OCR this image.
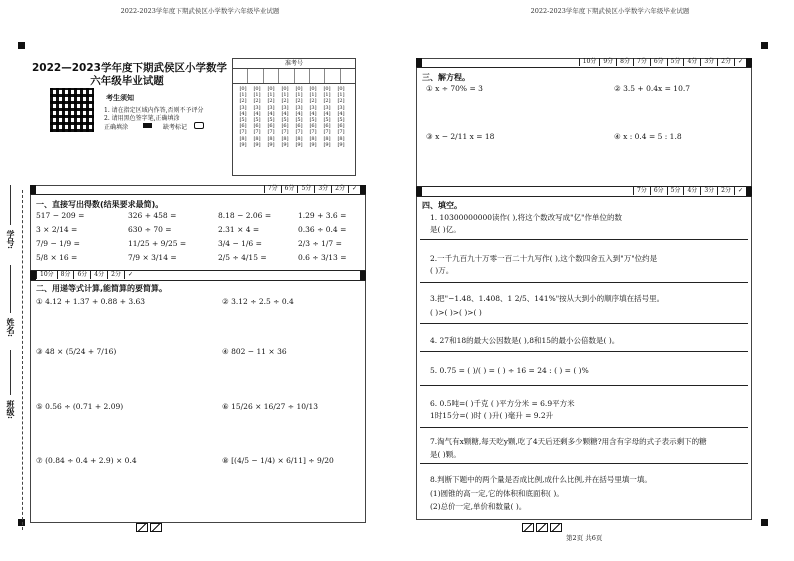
2022-2023学年度下期武侯区小学数学六年级毕业试题	2022-2023学年度下期武侯区小学数学六年级毕业试题
2022—2023学年度下期武侯区小学数学
六年级毕业试题
考生须知
1. 请在指定区域内作答,否则不予评分
2. 请用黑色签字笔,正确填涂
正确填涂	缺考标记
准考号
[0]	[0]	[0]	[0]	[0]	[0]	[0]	[0]
[1]	[1]	[1]	[1]	[1]	[1]	[1]	[1]
[2]	[2]	[2]	[2]	[2]	[2]	[2]	[2]
[3]	[3]	[3]	[3]	[3]	[3]	[3]	[3]
[4]	[4]	[4]	[4]	[4]	[4]	[4]	[4]
[5]	[5]	[5]	[5]	[5]	[5]	[5]	[5]
[6]	[6]	[6]	[6]	[6]	[6]	[6]	[6]
[7]	[7]	[7]	[7]	[7]	[7]	[7]	[7]
[8]	[8]	[8]	[8]	[8]	[8]	[8]	[8]
[9]	[9]	[9]	[9]	[9]	[9]	[9]	[9]
学号:
姓名:
班级:
7分	6分	5分	3分	2分	✓
一、直接写出得数(结果要求最简)。
517 − 209 =	326 + 458 =	8.18 − 2.06 =	1.29 + 3.6 =
3 × 2/14 =	630 ÷ 70 =	2.31 × 4 =	0.36 ÷ 0.4 =
7/9 − 1/9 =	11/25 + 9/25 =	3/4 − 1/6 =	2/3 ÷ 1/7 =
5/8 × 16 =	7/9 × 3/14 =	2/5 ÷ 4/15 =	0.6 ÷ 3/13 =
10分	8分	6分	4分	2分	✓
二、用递等式计算,能简算的要简算。
① 4.12 + 1.37 + 0.88 + 3.63	② 3.12 ÷ 2.5 ÷ 0.4
③ 48 × (5/24 + 7/16)	④ 802 − 11 × 36
⑤ 0.56 ÷ (0.71 + 2.09)	⑥ 15/26 × 16/27 ÷ 10/13
⑦ (0.84 ÷ 0.4 + 2.9) × 0.4	⑧ [(4/5 − 1/4) × 6/11] ÷ 9/20
10分	9分	8分	7分	6分	5分	4分	3分	2分	✓
三、解方程。
① x ÷ 70% = 3	② 3.5 + 0.4x = 10.7
③ x − 2/11 x = 18	④ x : 0.4 = 5 : 1.8
7分	6分	5分	4分	3分	2分	✓
四、填空。
1. 10300000000读作( ),将这个数改写成"亿"作单位的数
是( )亿。
2.一千九百九十万零一百二十九写作( ),这个数四舍五入到"万"位约是
( )万。
3.把"−1.48、1.408、1 2/5、141%"按从大到小的顺序填在括号里。
( )>( )>( )>( )
4. 27和18的最大公因数是( ),8和15的最小公倍数是( )。
5. 0.75 = ( )/( ) = ( ) ÷ 16 = 24 : ( ) = ( )%
6. 0.5吨=( )千克 ( )平方分米 = 6.9平方米
1时15分=( )时 ( )升( )毫升 = 9.2升
7.淘气有x颗糖,每天吃y颗,吃了4天后还剩多少颗糖?用含有字母的式子表示剩下的糖
是( )颗。
8.判断下题中的两个量是否成比例,成什么比例,并在括号里填一填。
(1)圆锥的高一定,它的体积和底面积( )。
(2)总价一定,单价和数量( )。
第2页 共6页
